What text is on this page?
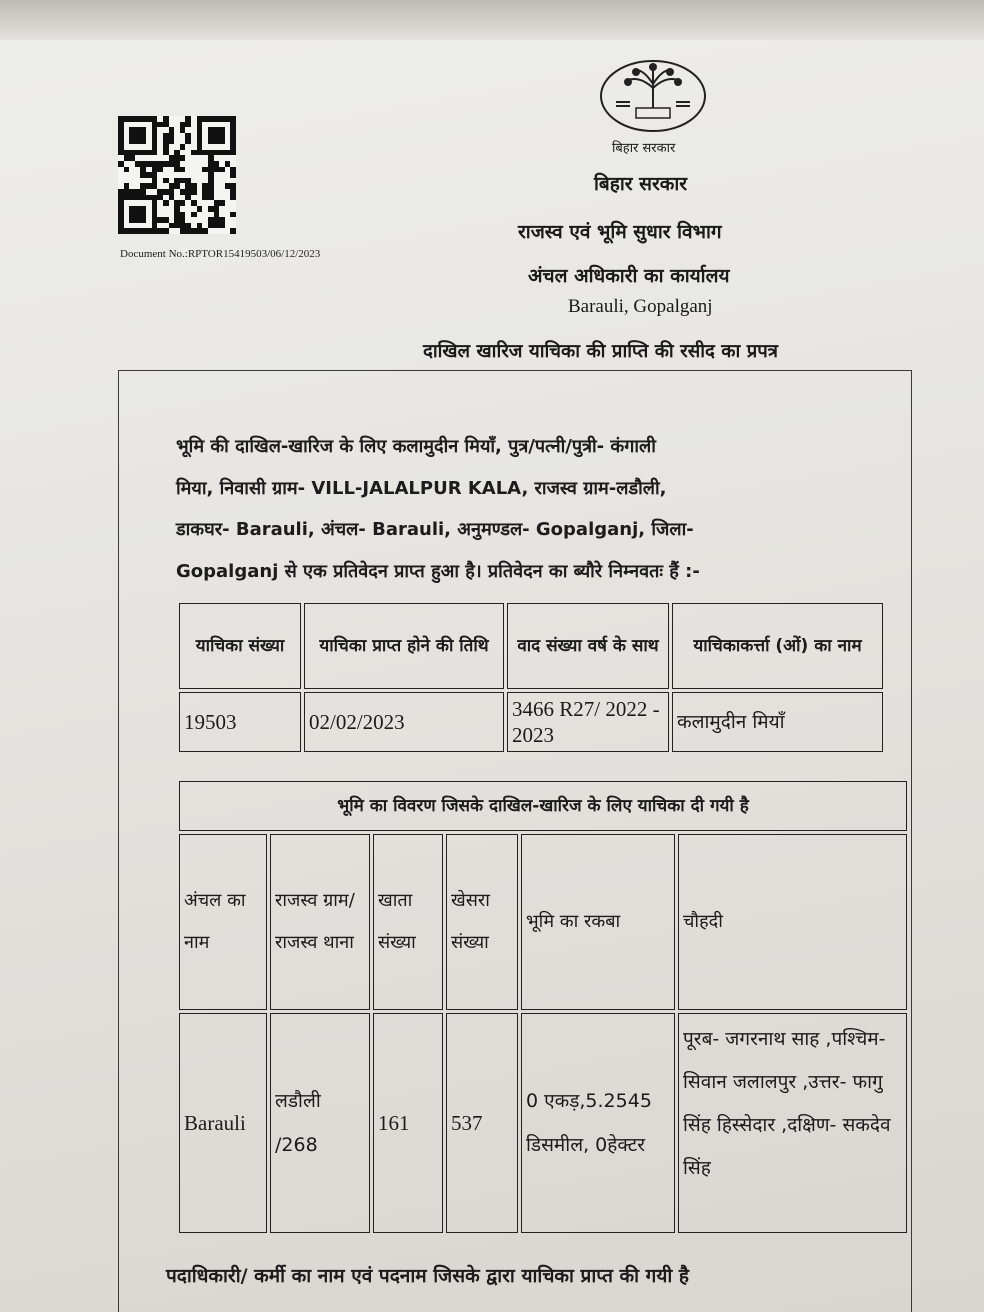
Document No.:RPTOR15419503/06/12/2023
बिहार सरकार
बिहार सरकार
राजस्व एवं भूमि सुधार विभाग
अंचल अधिकारी का कार्यालय
Barauli, Gopalganj
दाखिल खारिज याचिका की प्राप्ति की रसीद का प्रपत्र
भूमि की दाखिल-खारिज के लिए कलामुदीन मियाँ, पुत्र/पत्नी/पुत्री- कंगाली
मिया, निवासी ग्राम- VILL-JALALPUR KALA, राजस्व ग्राम-लडौली,
डाकघर- Barauli, अंचल- Barauli, अनुमण्डल- Gopalganj, जिला-
Gopalganj से एक प्रतिवेदन प्राप्त हुआ है। प्रतिवेदन का ब्यौरे निम्नवतः हैं :-
याचिका संख्या	याचिका प्राप्त होने की तिथि	वाद संख्या वर्ष के साथ	याचिकाकर्त्ता (ओं) का नाम
19503	02/02/2023	3466 R27/ 2022 - 2023	कलामुदीन मियाँ
भूमि का विवरण जिसके दाखिल-खारिज के लिए याचिका दी गयी है					
अंचल का नाम	राजस्व ग्राम/ राजस्व थाना	खाता संख्या	खेसरा संख्या	भूमि का रकबा	चौहदी
Barauli	लडौली /268	161	537	0 एकड़,5.2545 डिसमील, 0हेक्टर	पूरब- जगरनाथ साह ,पश्चिम- सिवान जलालपुर ,उत्तर- फागु सिंह हिस्सेदार ,दक्षिण- सकदेव सिंह
पदाधिकारी/ कर्मी का नाम एवं पदनाम जिसके द्वारा याचिका प्राप्त की गयी है
